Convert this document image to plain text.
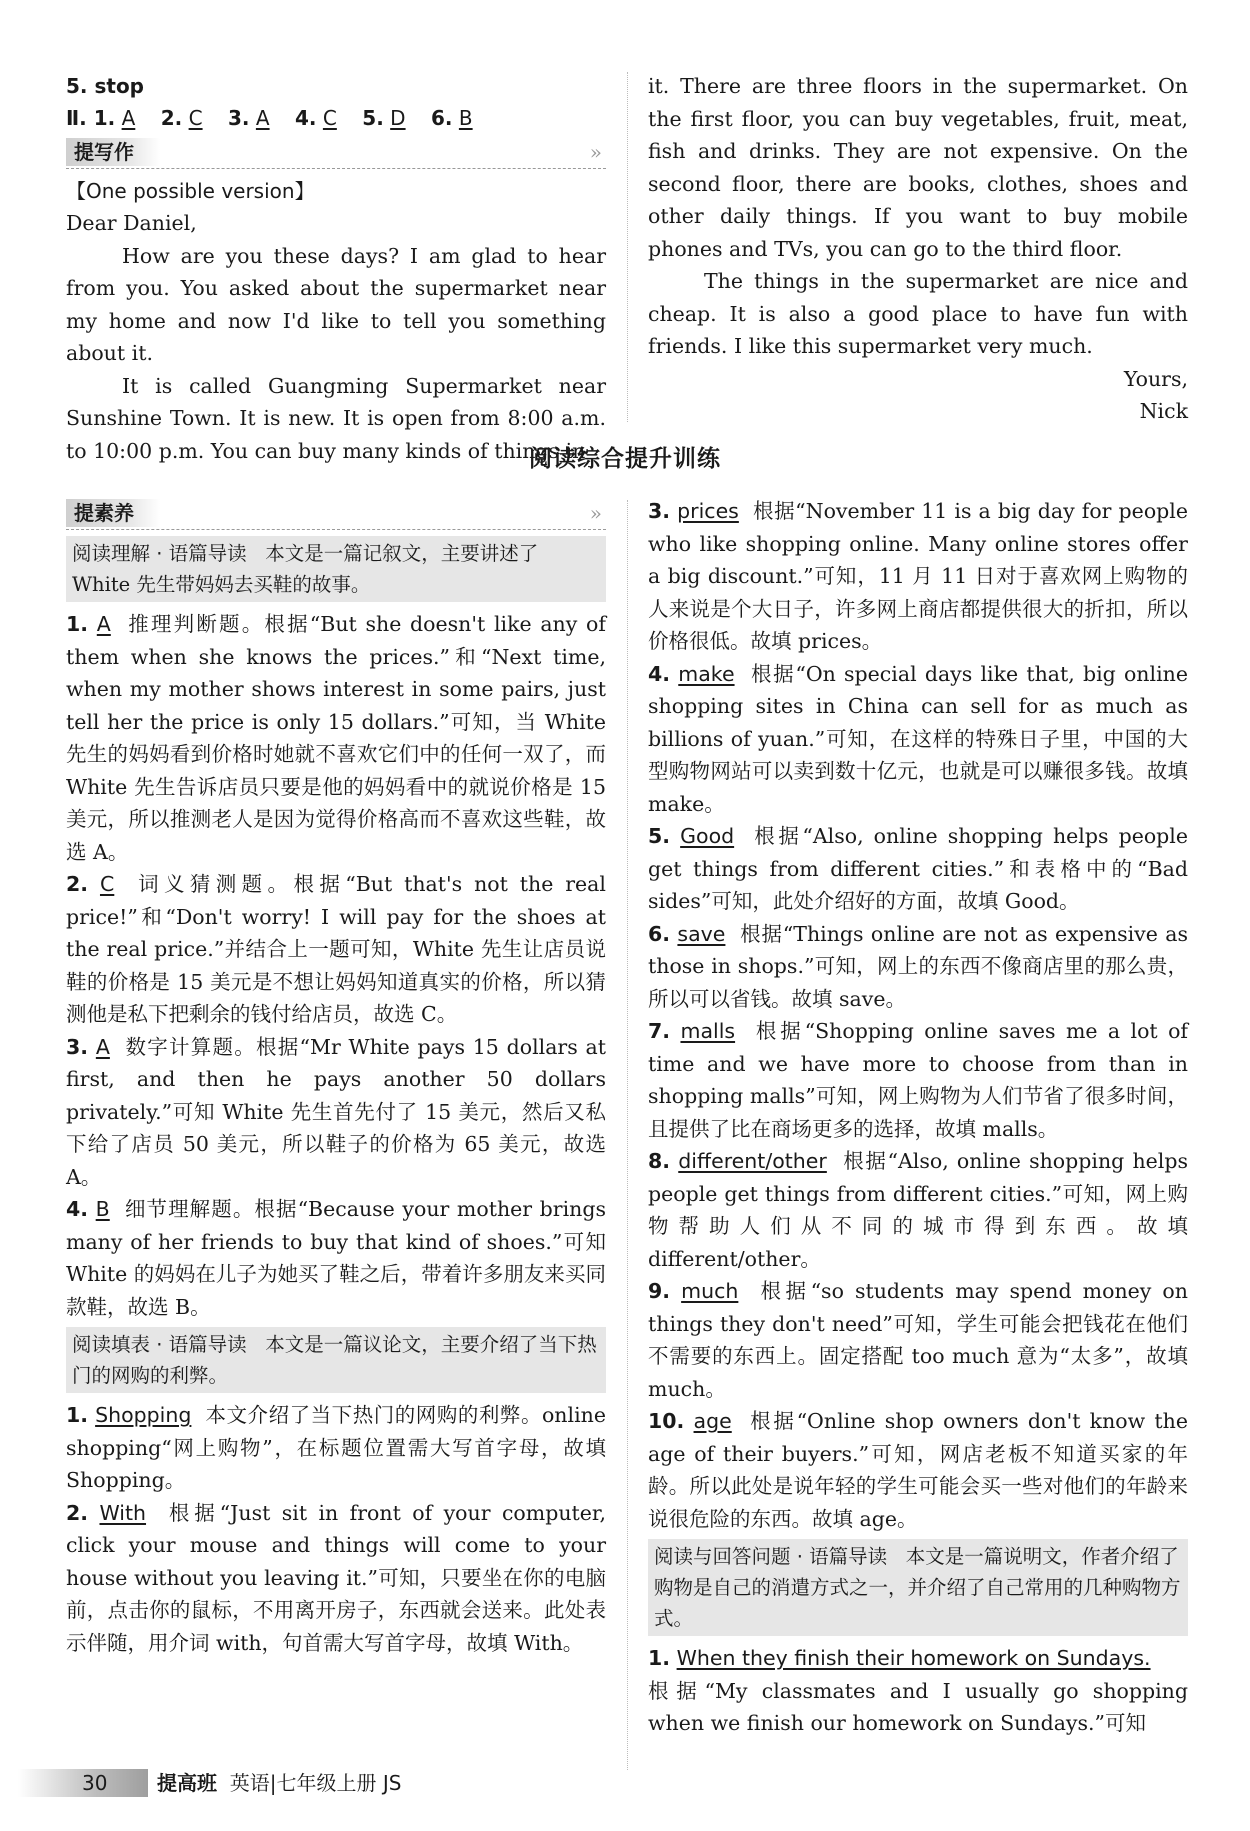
5. stop

Ⅱ. 1. A 2. C 3. A 4. C 5. D 6. B

提写作	»

【One possible version】

Dear Daniel,

How are you these days? I am glad to hear from you. You asked about the supermarket near my home and now I'd like to tell you something about it.

It is called Guangming Supermarket near Sunshine Town. It is new. It is open from 8:00 a.m. to 10:00 p.m. You can buy many kinds of things in

it. There are three floors in the supermarket. On the first floor, you can buy vegetables, fruit, meat, fish and drinks. They are not expensive. On the second floor, there are books, clothes, shoes and other daily things. If you want to buy mobile phones and TVs, you can go to the third floor.

The things in the supermarket are nice and cheap. It is also a good place to have fun with friends. I like this supermarket very much.

Yours,

Nick

阅读综合提升训练
提素养	»
阅读理解 · 语篇导读 本文是一篇记叙文，主要讲述了 White 先生带妈妈去买鞋的故事。
1. A 推理判断题。根据“But she doesn't like any of them when she knows the prices.”和“Next time, when my mother shows interest in some pairs, just tell her the price is only 15 dollars.”可知，当 White 先生的妈妈看到价格时她就不喜欢它们中的任何一双了，而 White 先生告诉店员只要是他的妈妈看中的就说价格是 15 美元，所以推测老人是因为觉得价格高而不喜欢这些鞋，故选 A。
2. C 词义猜测题。根据“But that's not the real price!”和“Don't worry! I will pay for the shoes at the real price.”并结合上一题可知，White 先生让店员说鞋的价格是 15 美元是不想让妈妈知道真实的价格，所以猜测他是私下把剩余的钱付给店员，故选 C。
3. A 数字计算题。根据“Mr White pays 15 dollars at first, and then he pays another 50 dollars privately.”可知 White 先生首先付了 15 美元，然后又私下给了店员 50 美元，所以鞋子的价格为 65 美元，故选 A。
4. B 细节理解题。根据“Because your mother brings many of her friends to buy that kind of shoes.”可知 White 的妈妈在儿子为她买了鞋之后，带着许多朋友来买同款鞋，故选 B。
阅读填表 · 语篇导读 本文是一篇议论文，主要介绍了当下热门的网购的利弊。
1. Shopping 本文介绍了当下热门的网购的利弊。online shopping“网上购物”，在标题位置需大写首字母，故填 Shopping。
2. With 根据“Just sit in front of your computer, click your mouse and things will come to your house without you leaving it.”可知，只要坐在你的电脑前，点击你的鼠标，不用离开房子，东西就会送来。此处表示伴随，用介词 with，句首需大写首字母，故填 With。
3. prices 根据“November 11 is a big day for people who like shopping online. Many online stores offer a big discount.”可知，11 月 11 日对于喜欢网上购物的人来说是个大日子，许多网上商店都提供很大的折扣，所以价格很低。故填 prices。
4. make 根据“On special days like that, big online shopping sites in China can sell for as much as billions of yuan.”可知，在这样的特殊日子里，中国的大型购物网站可以卖到数十亿元，也就是可以赚很多钱。故填 make。
5. Good 根据“Also, online shopping helps people get things from different cities.”和表格中的“Bad sides”可知，此处介绍好的方面，故填 Good。
6. save 根据“Things online are not as expensive as those in shops.”可知，网上的东西不像商店里的那么贵，所以可以省钱。故填 save。
7. malls 根据“Shopping online saves me a lot of time and we have more to choose from than in shopping malls”可知，网上购物为人们节省了很多时间，且提供了比在商场更多的选择，故填 malls。
8. different/other 根据“Also, online shopping helps people get things from different cities.”可知，网上购物帮助人们从不同的城市得到东西。故填 different/other。
9. much 根据“so students may spend money on things they don't need”可知，学生可能会把钱花在他们不需要的东西上。固定搭配 too much 意为“太多”，故填 much。
10. age 根据“Online shop owners don't know the age of their buyers.”可知，网店老板不知道买家的年龄。所以此处是说年轻的学生可能会买一些对他们的年龄来说很危险的东西。故填 age。
阅读与回答问题 · 语篇导读 本文是一篇说明文，作者介绍了购物是自己的消遣方式之一，并介绍了自己常用的几种购物方式。
1. When they finish their homework on Sundays.
根据“My classmates and I usually go shopping when we finish our homework on Sundays.”可知
30 提高班 英语|七年级上册 JS
